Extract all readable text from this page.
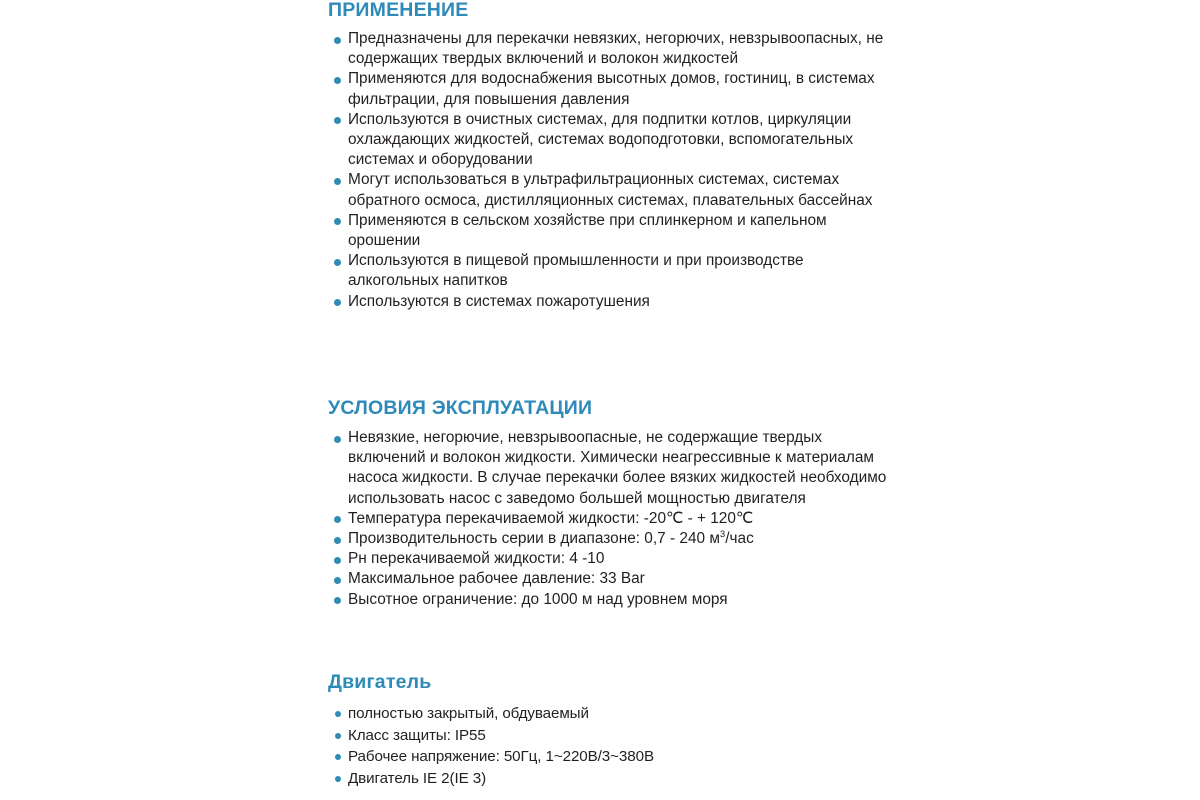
ПРИМЕНЕНИЕ
Предназначены для перекачки невязких, негорючих, невзрывоопасных, не содержащих твердых включений и волокон жидкостей
Применяются для водоснабжения высотных домов, гостиниц, в системах фильтрации, для повышения давления
Используются в очистных системах, для подпитки котлов, циркуляции охлаждающих жидкостей, системах водоподготовки, вспомогательных системах и оборудовании
Могут использоваться в ультрафильтрационных системах, системах обратного осмоса, дистилляционных системах, плавательных бассейнах
Применяются в сельском хозяйстве при сплинкерном и капельном орошении
Используются в пищевой промышленности и при производстве алкогольных напитков
Используются в системах пожаротушения
УСЛОВИЯ ЭКСПЛУАТАЦИИ
Невязкие, негорючие, невзрывоопасные, не содержащие твердых включений и волокон жидкости. Химически неагрессивные к материалам насоса жидкости. В случае перекачки более вязких жидкостей необходимо использовать насос с заведомо большей мощностью двигателя
Температура перекачиваемой жидкости: -20℃ - + 120℃
Производительность серии в диапазоне: 0,7 - 240 $м^3$/час
Рн перекачиваемой жидкости: 4 -10
Максимальное рабочее давление: 33 Bar
Высотное ограничение: до 1000 м над уровнем моря
Двигатель
полностью закрытый, обдуваемый
Класс защиты: IP55
Рабочее напряжение: 50Гц, 1~220В/3~380В
Двигатель IE 2(IE 3)
